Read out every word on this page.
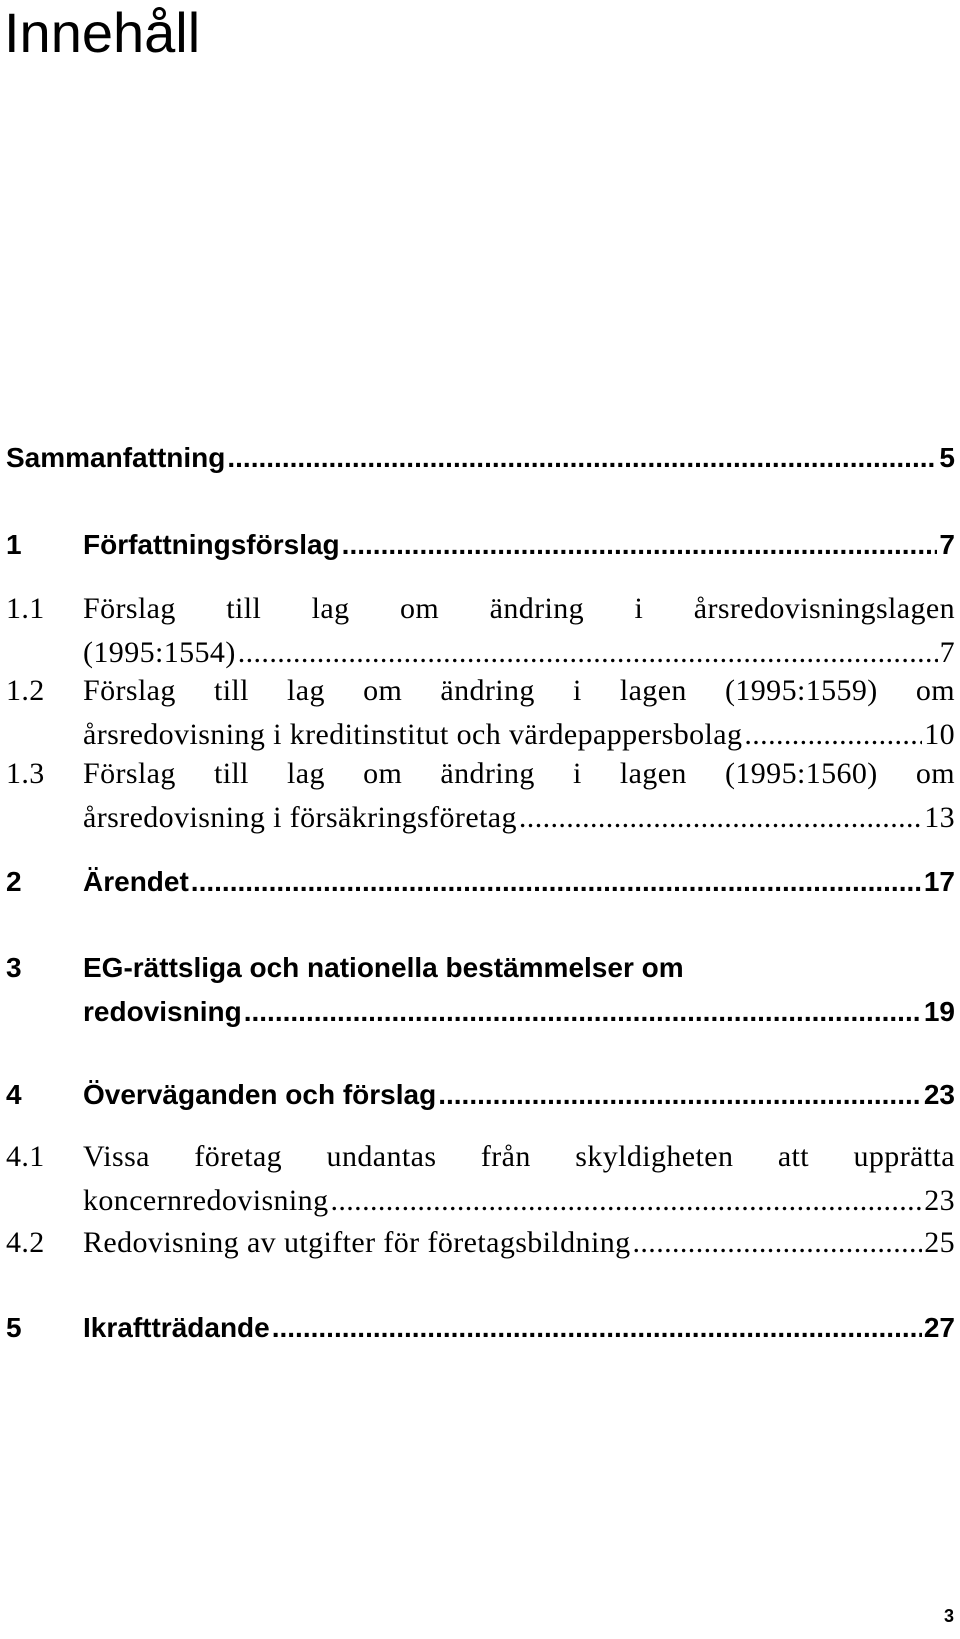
Innehåll
Sammanfattning .....	5
1 Författningsförslag .....	7
1.1 Förslag till lag om ändring i årsredovisningslagen
(1995:1554) .....	7
1.2 Förslag till lag om ändring i lagen (1995:1559) om
årsredovisning i kreditinstitut och värdepappersbolag .....	10
1.3 Förslag till lag om ändring i lagen (1995:1560) om
årsredovisning i försäkringsföretag .....	13
2 Ärendet .....	17
3 EG-rättsliga och nationella bestämmelser om
redovisning .....	19
4 Överväganden och förslag .....	23
4.1 Vissa företag undantas från skyldigheten att upprätta
koncernredovisning .....	23
4.2 Redovisning av utgifter för företagsbildning .....	25
5 Ikraftträdande .....	27
3
